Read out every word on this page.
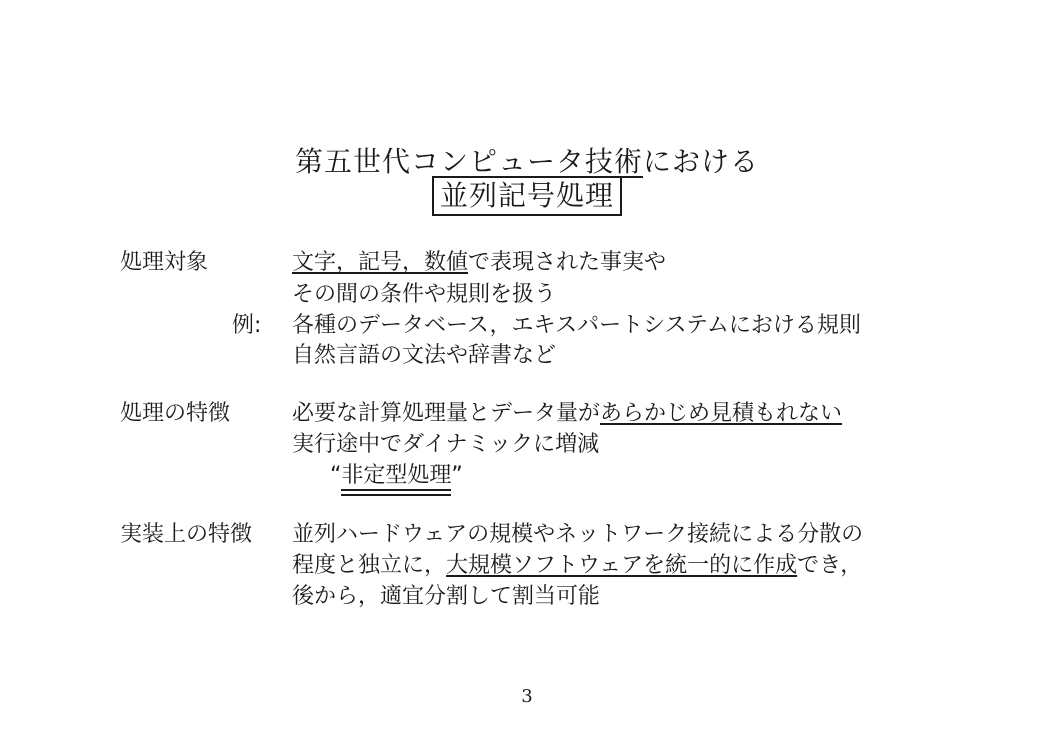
第五世代コンピュータ技術における
並列記号処理
処理対象	文字，記号，数値で表現された事実や
その間の条件や規則を扱う
例: 各種のデータベース，エキスパートシステムにおける規則
自然言語の文法や辞書など
処理の特徴	必要な計算処理量とデータ量があらかじめ見積もれない
実行途中でダイナミックに増減
“非定型処理”
実装上の特徴 並列ハードウェアの規模やネットワーク接続による分散の
程度と独立に，大規模ソフトウェアを統一的に作成でき，
後から，適宜分割して割当可能
3
